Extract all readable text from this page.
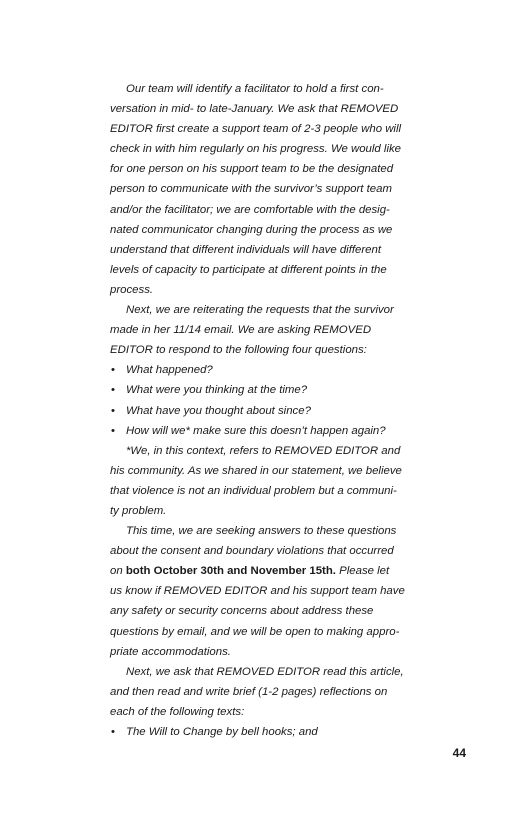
Our team will identify a facilitator to hold a first con-
versation in mid- to late-January. We ask that REMOVED
EDITOR first create a support team of 2-3 people who will
check in with him regularly on his progress. We would like
for one person on his support team to be the designated
person to communicate with the survivor’s support team
and/or the facilitator; we are comfortable with the desig-
nated communicator changing during the process as we
understand that different individuals will have different
levels of capacity to participate at different points in the
process.
Next, we are reiterating the requests that the survivor
made in her 11/14 email. We are asking REMOVED
EDITOR to respond to the following four questions:
• What happened?
• What were you thinking at the time?
• What have you thought about since?
• How will we* make sure this doesn’t happen again?
*We, in this context, refers to REMOVED EDITOR and
his community. As we shared in our statement, we believe
that violence is not an individual problem but a communi-
ty problem.
This time, we are seeking answers to these questions
about the consent and boundary violations that occurred
on both October 30th and November 15th. Please let
us know if REMOVED EDITOR and his support team have
any safety or security concerns about address these
questions by email, and we will be open to making appro-
priate accommodations.
Next, we ask that REMOVED EDITOR read this article,
and then read and write brief (1-2 pages) reflections on
each of the following texts:
• The Will to Change by bell hooks; and
44
